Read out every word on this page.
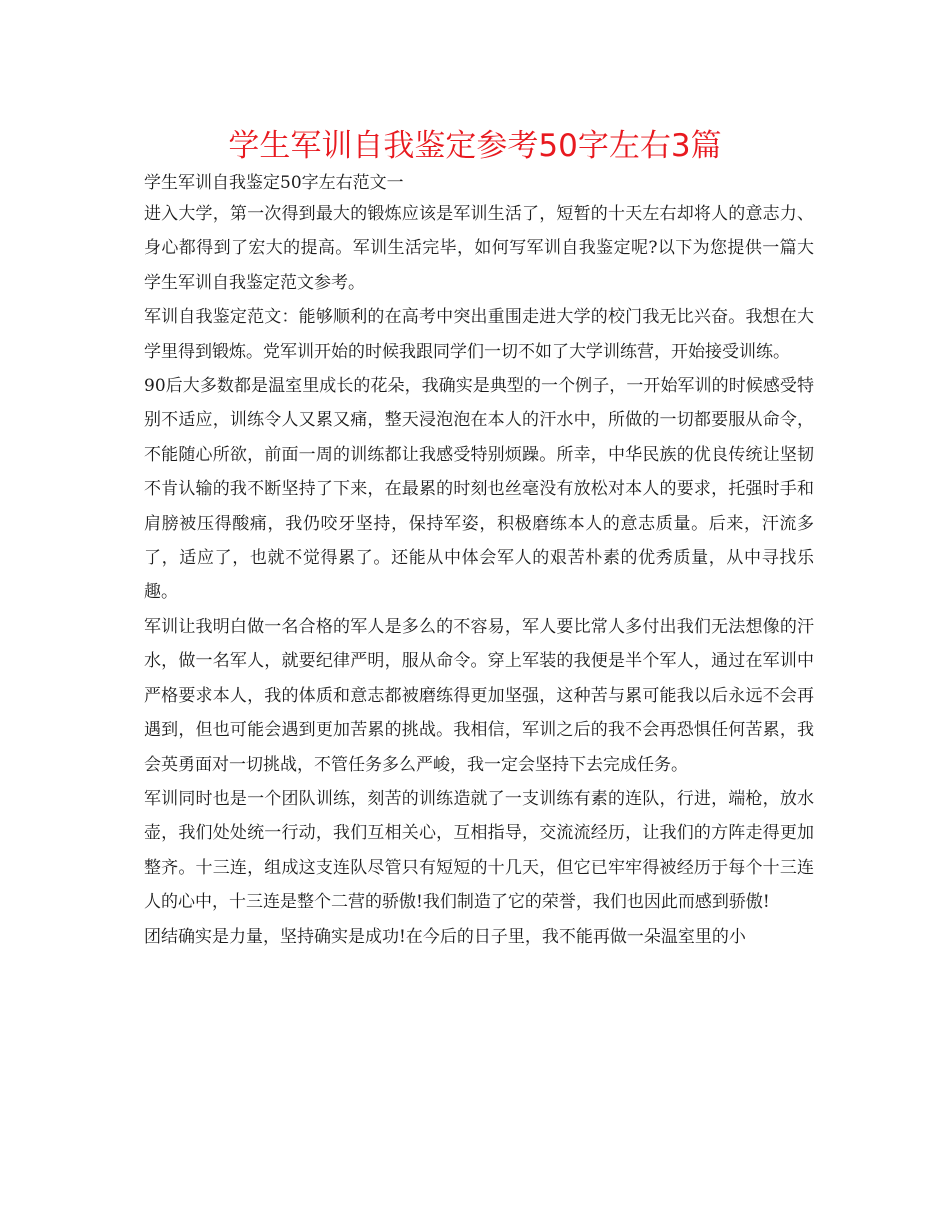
学生军训自我鉴定参考50字左右3篇
学生军训自我鉴定50字左右范文一

进入大学，第一次得到最大的锻炼应该是军训生活了，短暂的十天左右却将人的意志力、身心都得到了宏大的提高。军训生活完毕，如何写军训自我鉴定呢?以下为您提供一篇大学生军训自我鉴定范文参考。

军训自我鉴定范文：能够顺利的在高考中突出重围走进大学的校门我无比兴奋。我想在大学里得到锻炼。党军训开始的时候我跟同学们一切不如了大学训练营，开始接受训练。

90后大多数都是温室里成长的花朵，我确实是典型的一个例子，一开始军训的时候感受特别不适应，训练令人又累又痛，整天浸泡泡在本人的汗水中，所做的一切都要服从命令，不能随心所欲，前面一周的训练都让我感受特别烦躁。所幸，中华民族的优良传统让坚韧不肯认输的我不断坚持了下来，在最累的时刻也丝毫没有放松对本人的要求，托强时手和肩膀被压得酸痛，我仍咬牙坚持，保持军姿，积极磨练本人的意志质量。后来，汗流多了，适应了，也就不觉得累了。还能从中体会军人的艰苦朴素的优秀质量，从中寻找乐趣。

军训让我明白做一名合格的军人是多么的不容易，军人要比常人多付出我们无法想像的汗水，做一名军人，就要纪律严明，服从命令。穿上军装的我便是半个军人，通过在军训中严格要求本人，我的体质和意志都被磨练得更加坚强，这种苦与累可能我以后永远不会再遇到，但也可能会遇到更加苦累的挑战。我相信，军训之后的我不会再恐惧任何苦累，我会英勇面对一切挑战，不管任务多么严峻，我一定会坚持下去完成任务。

军训同时也是一个团队训练，刻苦的训练造就了一支训练有素的连队，行进，端枪，放水壶，我们处处统一行动，我们互相关心，互相指导，交流流经历，让我们的方阵走得更加整齐。十三连，组成这支连队尽管只有短短的十几天，但它已牢牢得被经历于每个十三连人的心中，十三连是整个二营的骄傲!我们制造了它的荣誉，我们也因此而感到骄傲!

团结确实是力量，坚持确实是成功!在今后的日子里，我不能再做一朵温室里的小
